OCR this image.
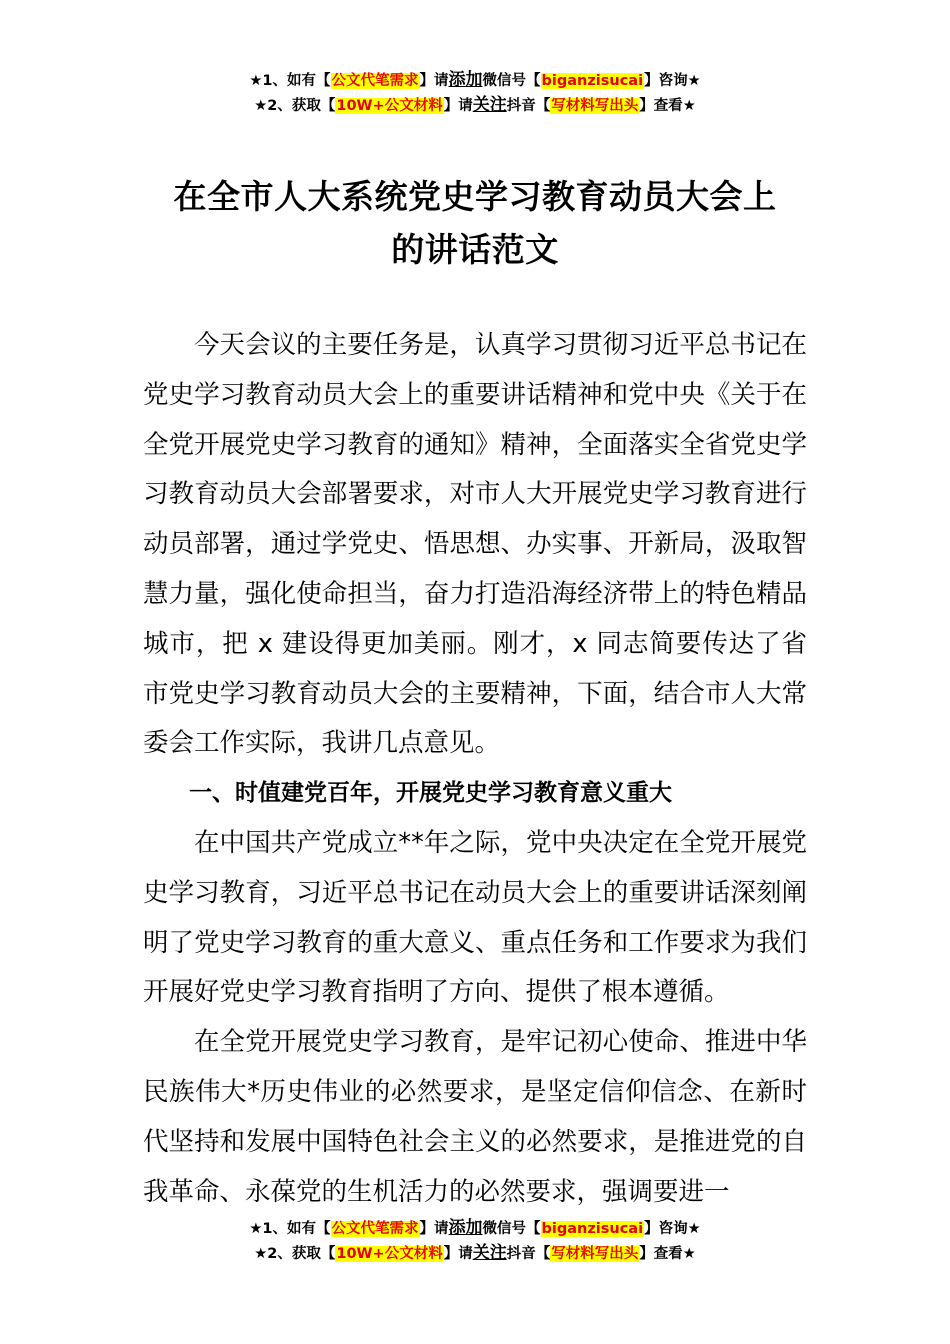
★1、如有【公文代笔需求】请添加微信号【biganzisucai】咨询★
★2、获取【10W+公文材料】请关注抖音【写材料写出头】查看★
在全市人大系统党史学习教育动员大会上
的讲话范文

今天会议的主要任务是，认真学习贯彻习近平总书记在党史学习教育动员大会上的重要讲话精神和党中央《关于在全党开展党史学习教育的通知》精神，全面落实全省党史学习教育动员大会部署要求，对市人大开展党史学习教育进行动员部署，通过学党史、悟思想、办实事、开新局，汲取智慧力量，强化使命担当，奋力打造沿海经济带上的特色精品城市，把 x 建设得更加美丽。刚才，x 同志简要传达了省市党史学习教育动员大会的主要精神，下面，结合市人大常委会工作实际，我讲几点意见。

一、时值建党百年，开展党史学习教育意义重大

在中国共产党成立**年之际，党中央决定在全党开展党史学习教育，习近平总书记在动员大会上的重要讲话深刻阐明了党史学习教育的重大意义、重点任务和工作要求为我们开展好党史学习教育指明了方向、提供了根本遵循。

在全党开展党史学习教育，是牢记初心使命、推进中华民族伟大*历史伟业的必然要求，是坚定信仰信念、在新时代坚持和发展中国特色社会主义的必然要求，是推进党的自我革命、永葆党的生机活力的必然要求，强调要进一

★1、如有【公文代笔需求】请添加微信号【biganzisucai】咨询★
★2、获取【10W+公文材料】请关注抖音【写材料写出头】查看★
